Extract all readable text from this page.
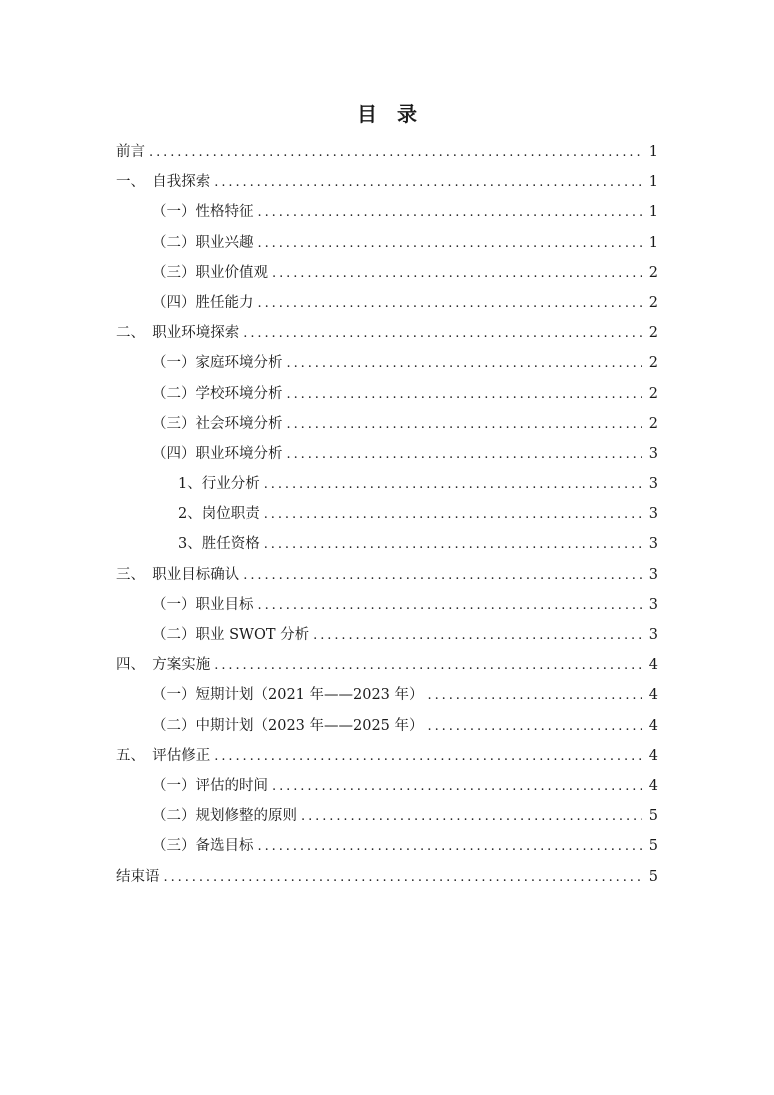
目　录
前言 . . .	1
一、　自我探索 . . .	1
（一）性格特征 . . .	1
（二）职业兴趣 . . .	1
（三）职业价值观 . . .	2
（四）胜任能力 . . .	2
二、　职业环境探索 . . .	2
（一）家庭环境分析 . . .	2
（二）学校环境分析 . . .	2
（三）社会环境分析 . . .	2
（四）职业环境分析 . . .	3
1、行业分析 . . .	3
2、岗位职责 . . .	3
3、胜任资格 . . .	3
三、　职业目标确认 . . .	3
（一）职业目标 . . .	3
（二）职业 SWOT 分析 . . .	3
四、　方案实施 . . .	4
（一）短期计划（2021 年——2023 年） . . .	4
（二）中期计划（2023 年——2025 年） . . .	4
五、　评估修正 . . .	4
（一）评估的时间 . . .	4
（二）规划修整的原则 . . .	5
（三）备选目标 . . .	5
结束语 . . .	5
